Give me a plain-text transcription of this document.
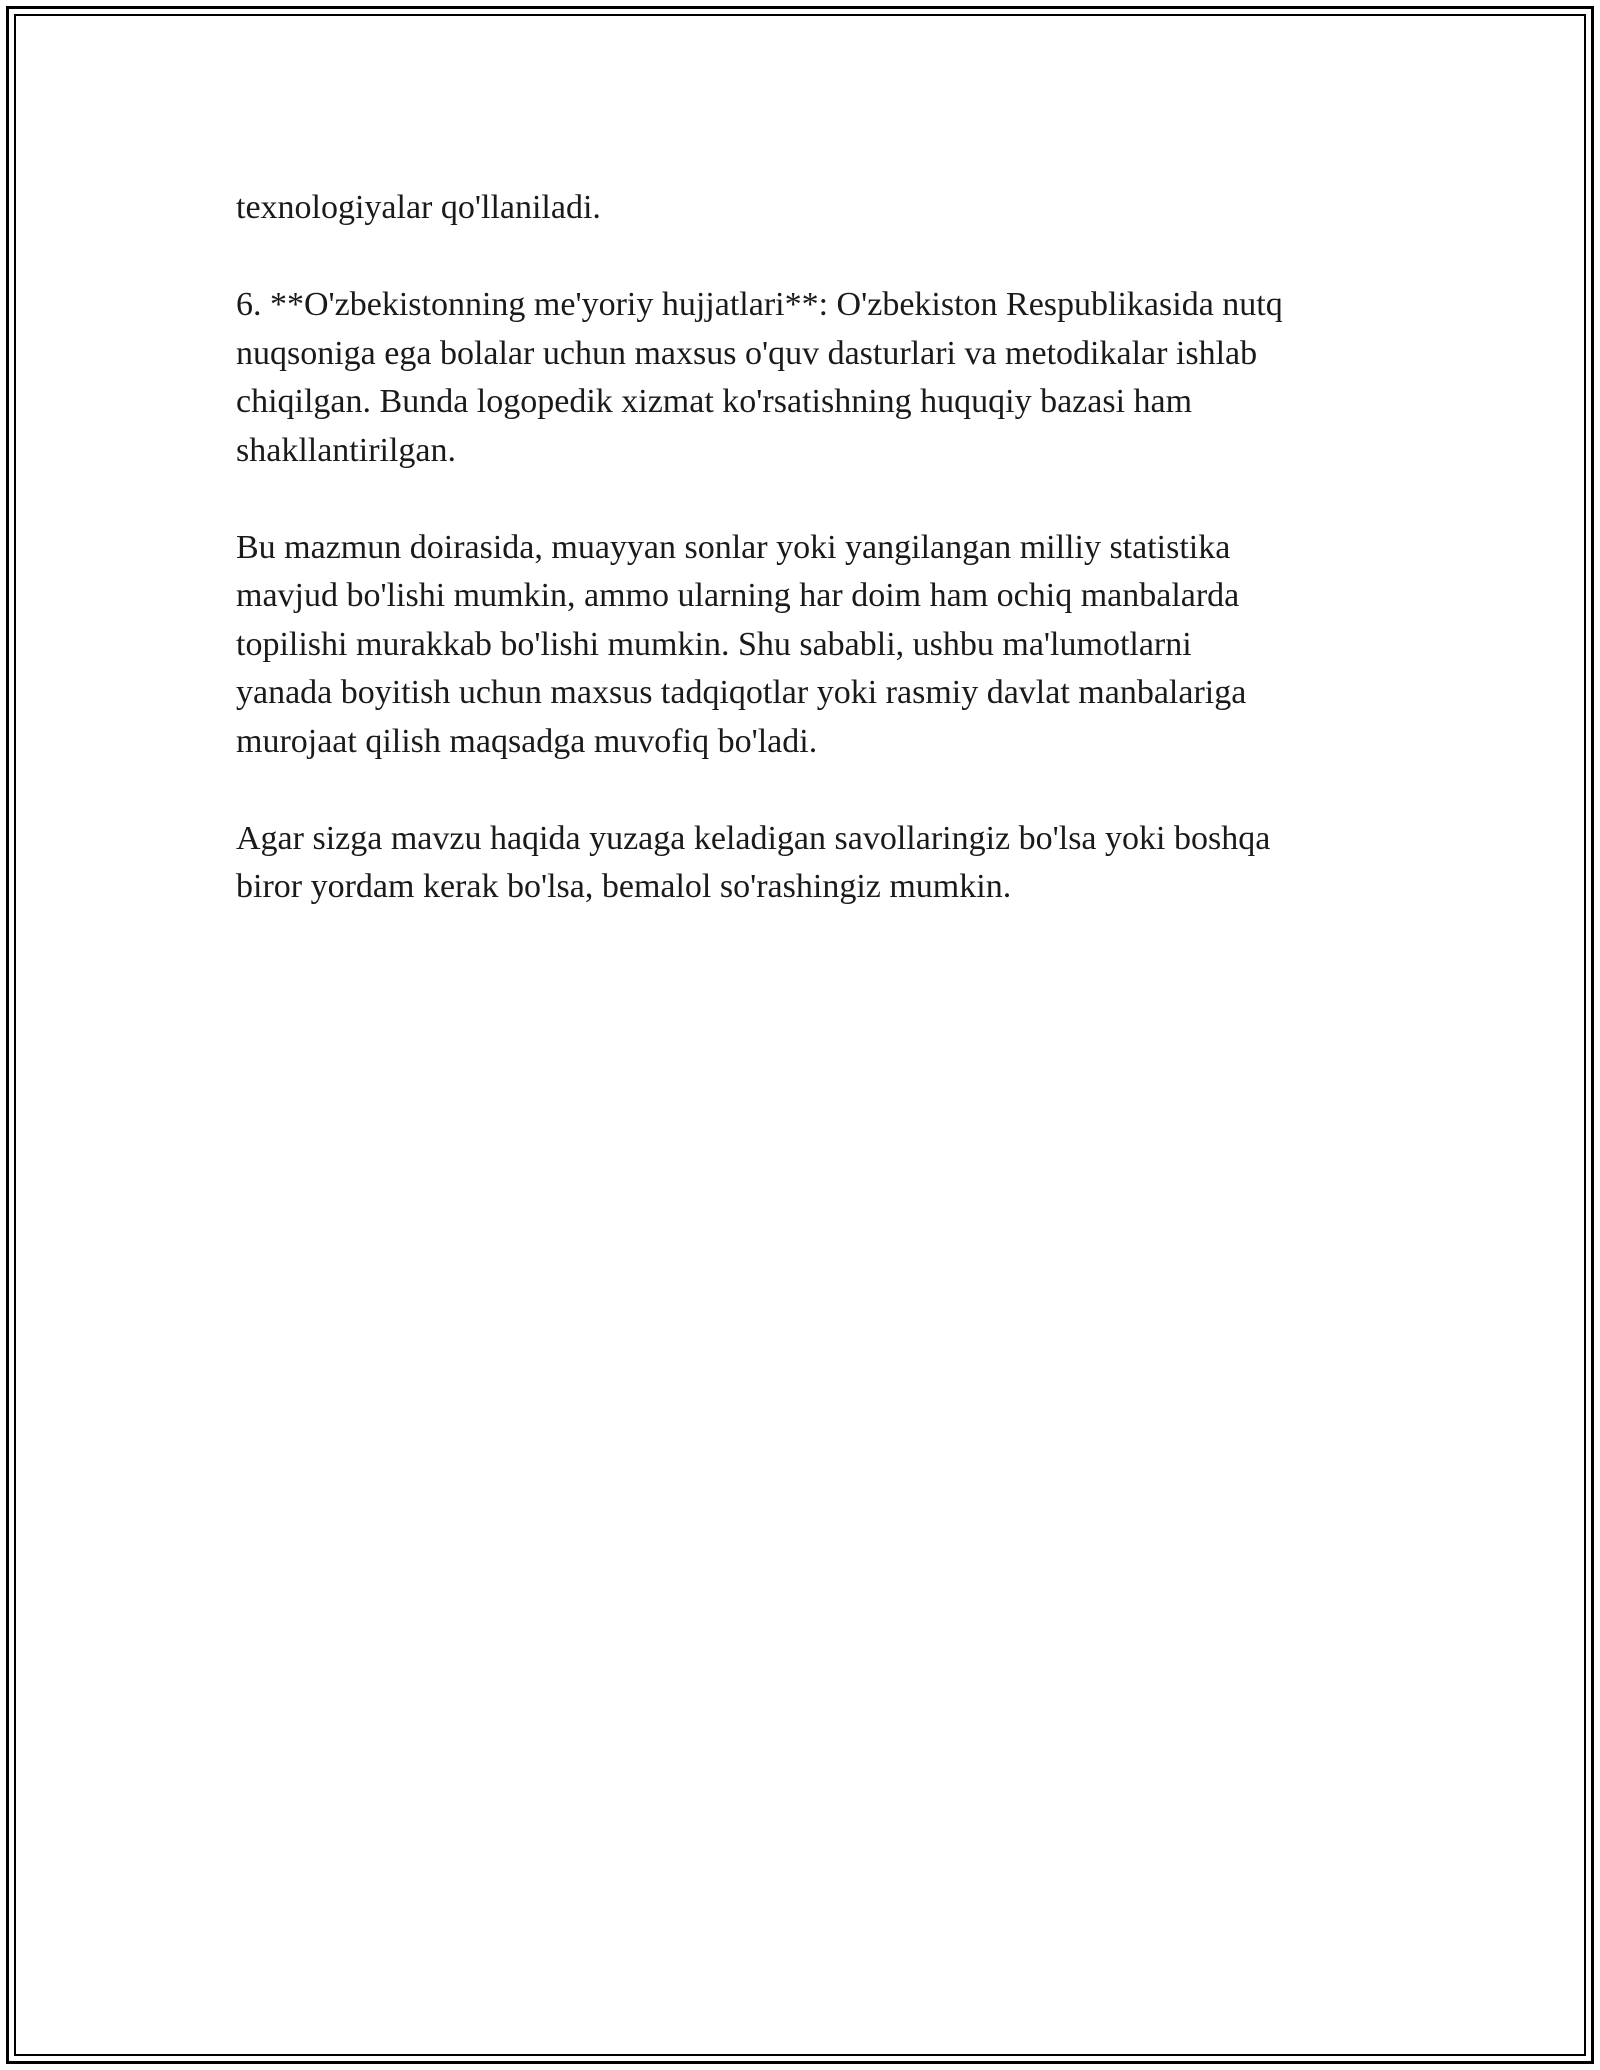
texnologiyalar qo'llaniladi.

6. **O'zbekistonning me'yoriy hujjatlari**: O'zbekiston Respublikasida nutq
nuqsoniga ega bolalar uchun maxsus o'quv dasturlari va metodikalar ishlab
chiqilgan. Bunda logopedik xizmat ko'rsatishning huquqiy bazasi ham
shakllantirilgan.

Bu mazmun doirasida, muayyan sonlar yoki yangilangan milliy statistika
mavjud bo'lishi mumkin, ammo ularning har doim ham ochiq manbalarda
topilishi murakkab bo'lishi mumkin. Shu sababli, ushbu ma'lumotlarni
yanada boyitish uchun maxsus tadqiqotlar yoki rasmiy davlat manbalariga
murojaat qilish maqsadga muvofiq bo'ladi.

Agar sizga mavzu haqida yuzaga keladigan savollaringiz bo'lsa yoki boshqa
biror yordam kerak bo'lsa, bemalol so'rashingiz mumkin.
